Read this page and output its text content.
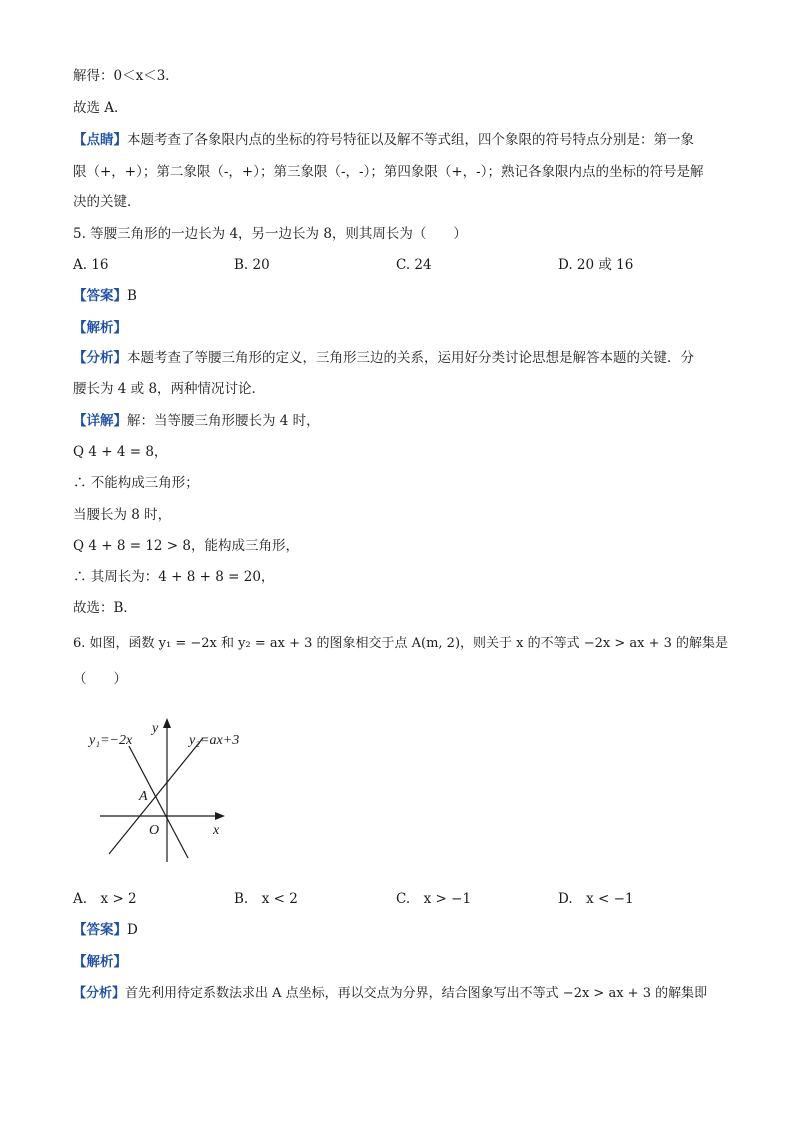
解得：0＜x＜3．
故选 A．
【点睛】本题考查了各象限内点的坐标的符号特征以及解不等式组，四个象限的符号特点分别是：第一象
限（+，+）；第二象限（-，+）；第三象限（-，-）；第四象限（+，-）；熟记各象限内点的坐标的符号是解
决的关键．
5. 等腰三角形的一边长为 4，另一边长为 8，则其周长为（　　）
A. 16	B. 20	C. 24	D. 20 或 16
【答案】B
【解析】
【分析】本题考查了等腰三角形的定义，三角形三边的关系，运用好分类讨论思想是解答本题的关键．分
腰长为 4 或 8，两种情况讨论．
【详解】解：当等腰三角形腰长为 4 时，
Q 4 + 4 = 8，
∴ 不能构成三角形；
当腰长为 8 时，
Q 4 + 8 = 12 > 8，能构成三角形，
∴ 其周长为：4 + 8 + 8 = 20，
故选：B．
6. 如图，函数 y₁ = −2x 和 y₂ = ax + 3 的图象相交于点 A(m, 2)，则关于 x 的不等式 −2x > ax + 3 的解集是
（　　）
y₁=−2x	y₂=ax+3
y
x
O
A
A.　x > 2	B.　x < 2	C.　x > −1	D.　x < −1
【答案】D
【解析】
【分析】首先利用待定系数法求出 A 点坐标，再以交点为分界，结合图象写出不等式 −2x > ax + 3 的解集即
